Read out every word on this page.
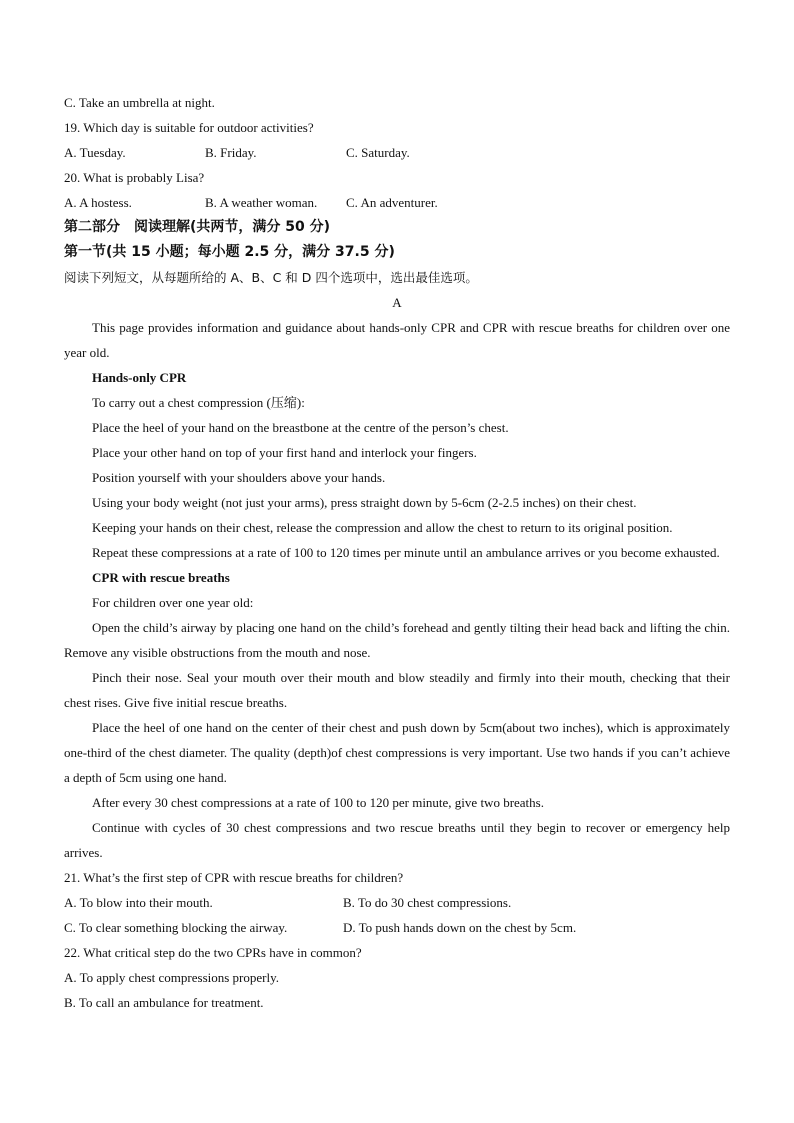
C. Take an umbrella at night.
19. Which day is suitable for outdoor activities?
A. Tuesday.	B. Friday.	C. Saturday.
20. What is probably Lisa?
A. A hostess.	B. A weather woman.	C. An adventurer.
第二部分　阅读理解(共两节，满分 50 分)
第一节(共 15 小题；每小题 2.5 分，满分 37.5 分)
阅读下列短文，从每题所给的 A、B、C 和 D 四个选项中，选出最佳选项。
A
This page provides information and guidance about hands-only CPR and CPR with rescue breaths for children over one year old.
Hands-only CPR
To carry out a chest compression (压缩):
Place the heel of your hand on the breastbone at the centre of the person’s chest.
Place your other hand on top of your first hand and interlock your fingers.
Position yourself with your shoulders above your hands.
Using your body weight (not just your arms), press straight down by 5-6cm (2-2.5 inches) on their chest.
Keeping your hands on their chest, release the compression and allow the chest to return to its original position.
Repeat these compressions at a rate of 100 to 120 times per minute until an ambulance arrives or you become exhausted.
CPR with rescue breaths
For children over one year old:
Open the child’s airway by placing one hand on the child’s forehead and gently tilting their head back and lifting the chin. Remove any visible obstructions from the mouth and nose.
Pinch their nose. Seal your mouth over their mouth and blow steadily and firmly into their mouth, checking that their chest rises. Give five initial rescue breaths.
Place the heel of one hand on the center of their chest and push down by 5cm(about two inches), which is approximately one-third of the chest diameter. The quality (depth)of chest compressions is very important. Use two hands if you can’t achieve a depth of 5cm using one hand.
After every 30 chest compressions at a rate of 100 to 120 per minute, give two breaths.
Continue with cycles of 30 chest compressions and two rescue breaths until they begin to recover or emergency help arrives.
21. What’s the first step of CPR with rescue breaths for children?
A. To blow into their mouth.	B. To do 30 chest compressions.
C. To clear something blocking the airway.	D. To push hands down on the chest by 5cm.
22. What critical step do the two CPRs have in common?
A. To apply chest compressions properly.
B. To call an ambulance for treatment.
